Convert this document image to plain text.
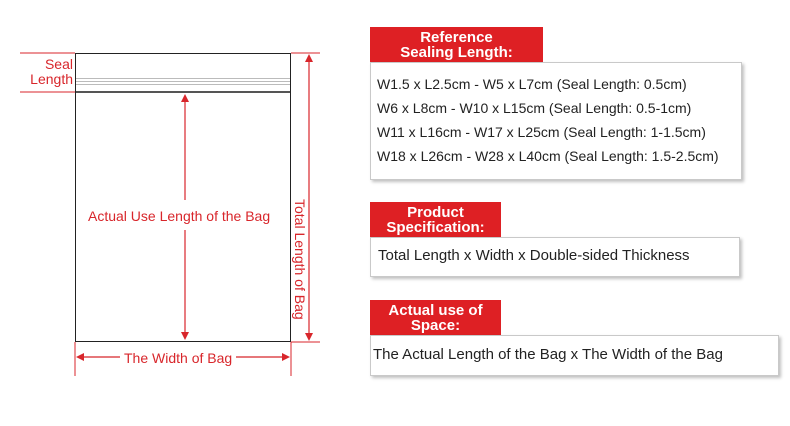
Seal
Length
Actual Use Length of the Bag
The Width of Bag
Total Length of Bag
Reference
Sealing Length:
W1.5 x L2.5cm - W5 x L7cm (Seal Length: 0.5cm)
W6 x L8cm - W10 x L15cm (Seal Length: 0.5-1cm)
W11 x L16cm - W17 x L25cm (Seal Length: 1-1.5cm)
W18 x L26cm - W28 x L40cm (Seal Length: 1.5-2.5cm)
Product
Specification:
Total Length x Width x Double-sided Thickness
Actual use of
Space:
The Actual Length of the Bag x The Width of the Bag
